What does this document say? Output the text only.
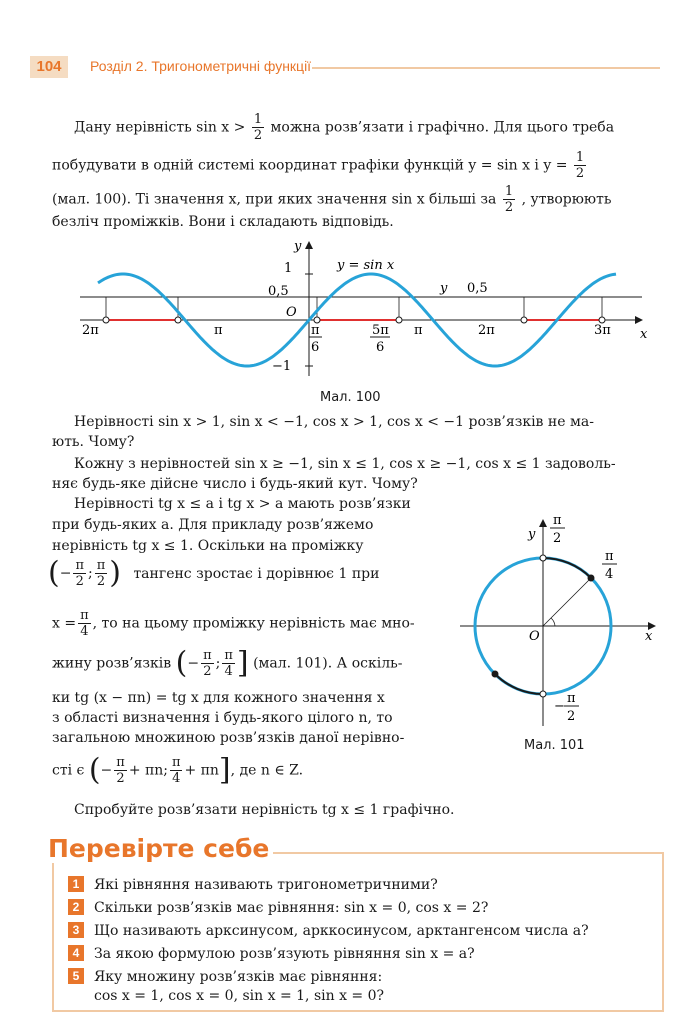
104	Розділ 2. Тригонометричні функції
Дану нерівність $\sin x > \frac{1}{2}$ можна розв’язати і графічно. Для цього треба
побудувати в одній системі координат графіки функцій y = sin x і $y = \frac{1}{2}$
(мал. 100). Ті значення x, при яких значення sin x більші за $\frac{1}{2}$ , утворюють
безліч проміжків. Вони і складають відповідь.
y
x
1
0,5
O
−1
y = sin x
y 0,5
2π	π	π
6
5π
6
π	2π	3π
Мал. 100
Нерівності sin x > 1, sin x < −1, cos x > 1, cos x < −1 розв’язків не ма-
ють. Чому?
Кожну з нерівностей sin x ≥ −1, sin x ≤ 1, cos x ≥ −1, cos x ≤ 1 задоволь-
няє будь-яке дійсне число і будь-який кут. Чому?
Нерівності tg x ≤ a і tg x > a мають розв’язки
при будь-яких a. Для прикладу розв’яжемо
нерівність tg x ≤ 1. Оскільки на проміжку
(− $\frac{\pi}{2}$ ; $\frac{\pi}{2}$ ) тангенс зростає і дорівнює 1 при
$x = \frac{\pi}{4}$ , то на цьому проміжку нерівність має мно-
жину розв’язків (− $\frac{\pi}{2}$ ; $\frac{\pi}{4}$ ] (мал. 101). А оскіль-
ки tg (x − πn) = tg x для кожного значення x
з області визначення і будь-якого цілого n, то
загальною множиною розв’язків даної нерівно-
сті є (− $\frac{\pi}{2} + \pi n$; $\frac{\pi}{4} + \pi n$], де n ∈ Z.
Спробуйте розв’язати нерівність tg x ≤ 1 графічно.
y
x
O
π
2
π
4
−
π
2
Мал. 101
Перевірте себе
1 Які рівняння називають тригонометричними?
2 Скільки розв’язків має рівняння: sin x = 0, cos x = 2?
3 Що називають арксинусом, арккосинусом, арктангенсом числа a?
4 За якою формулою розв’язують рівняння sin x = a?
5 Яку множину розв’язків має рівняння:
cos x = 1, cos x = 0, sin x = 1, sin x = 0?
